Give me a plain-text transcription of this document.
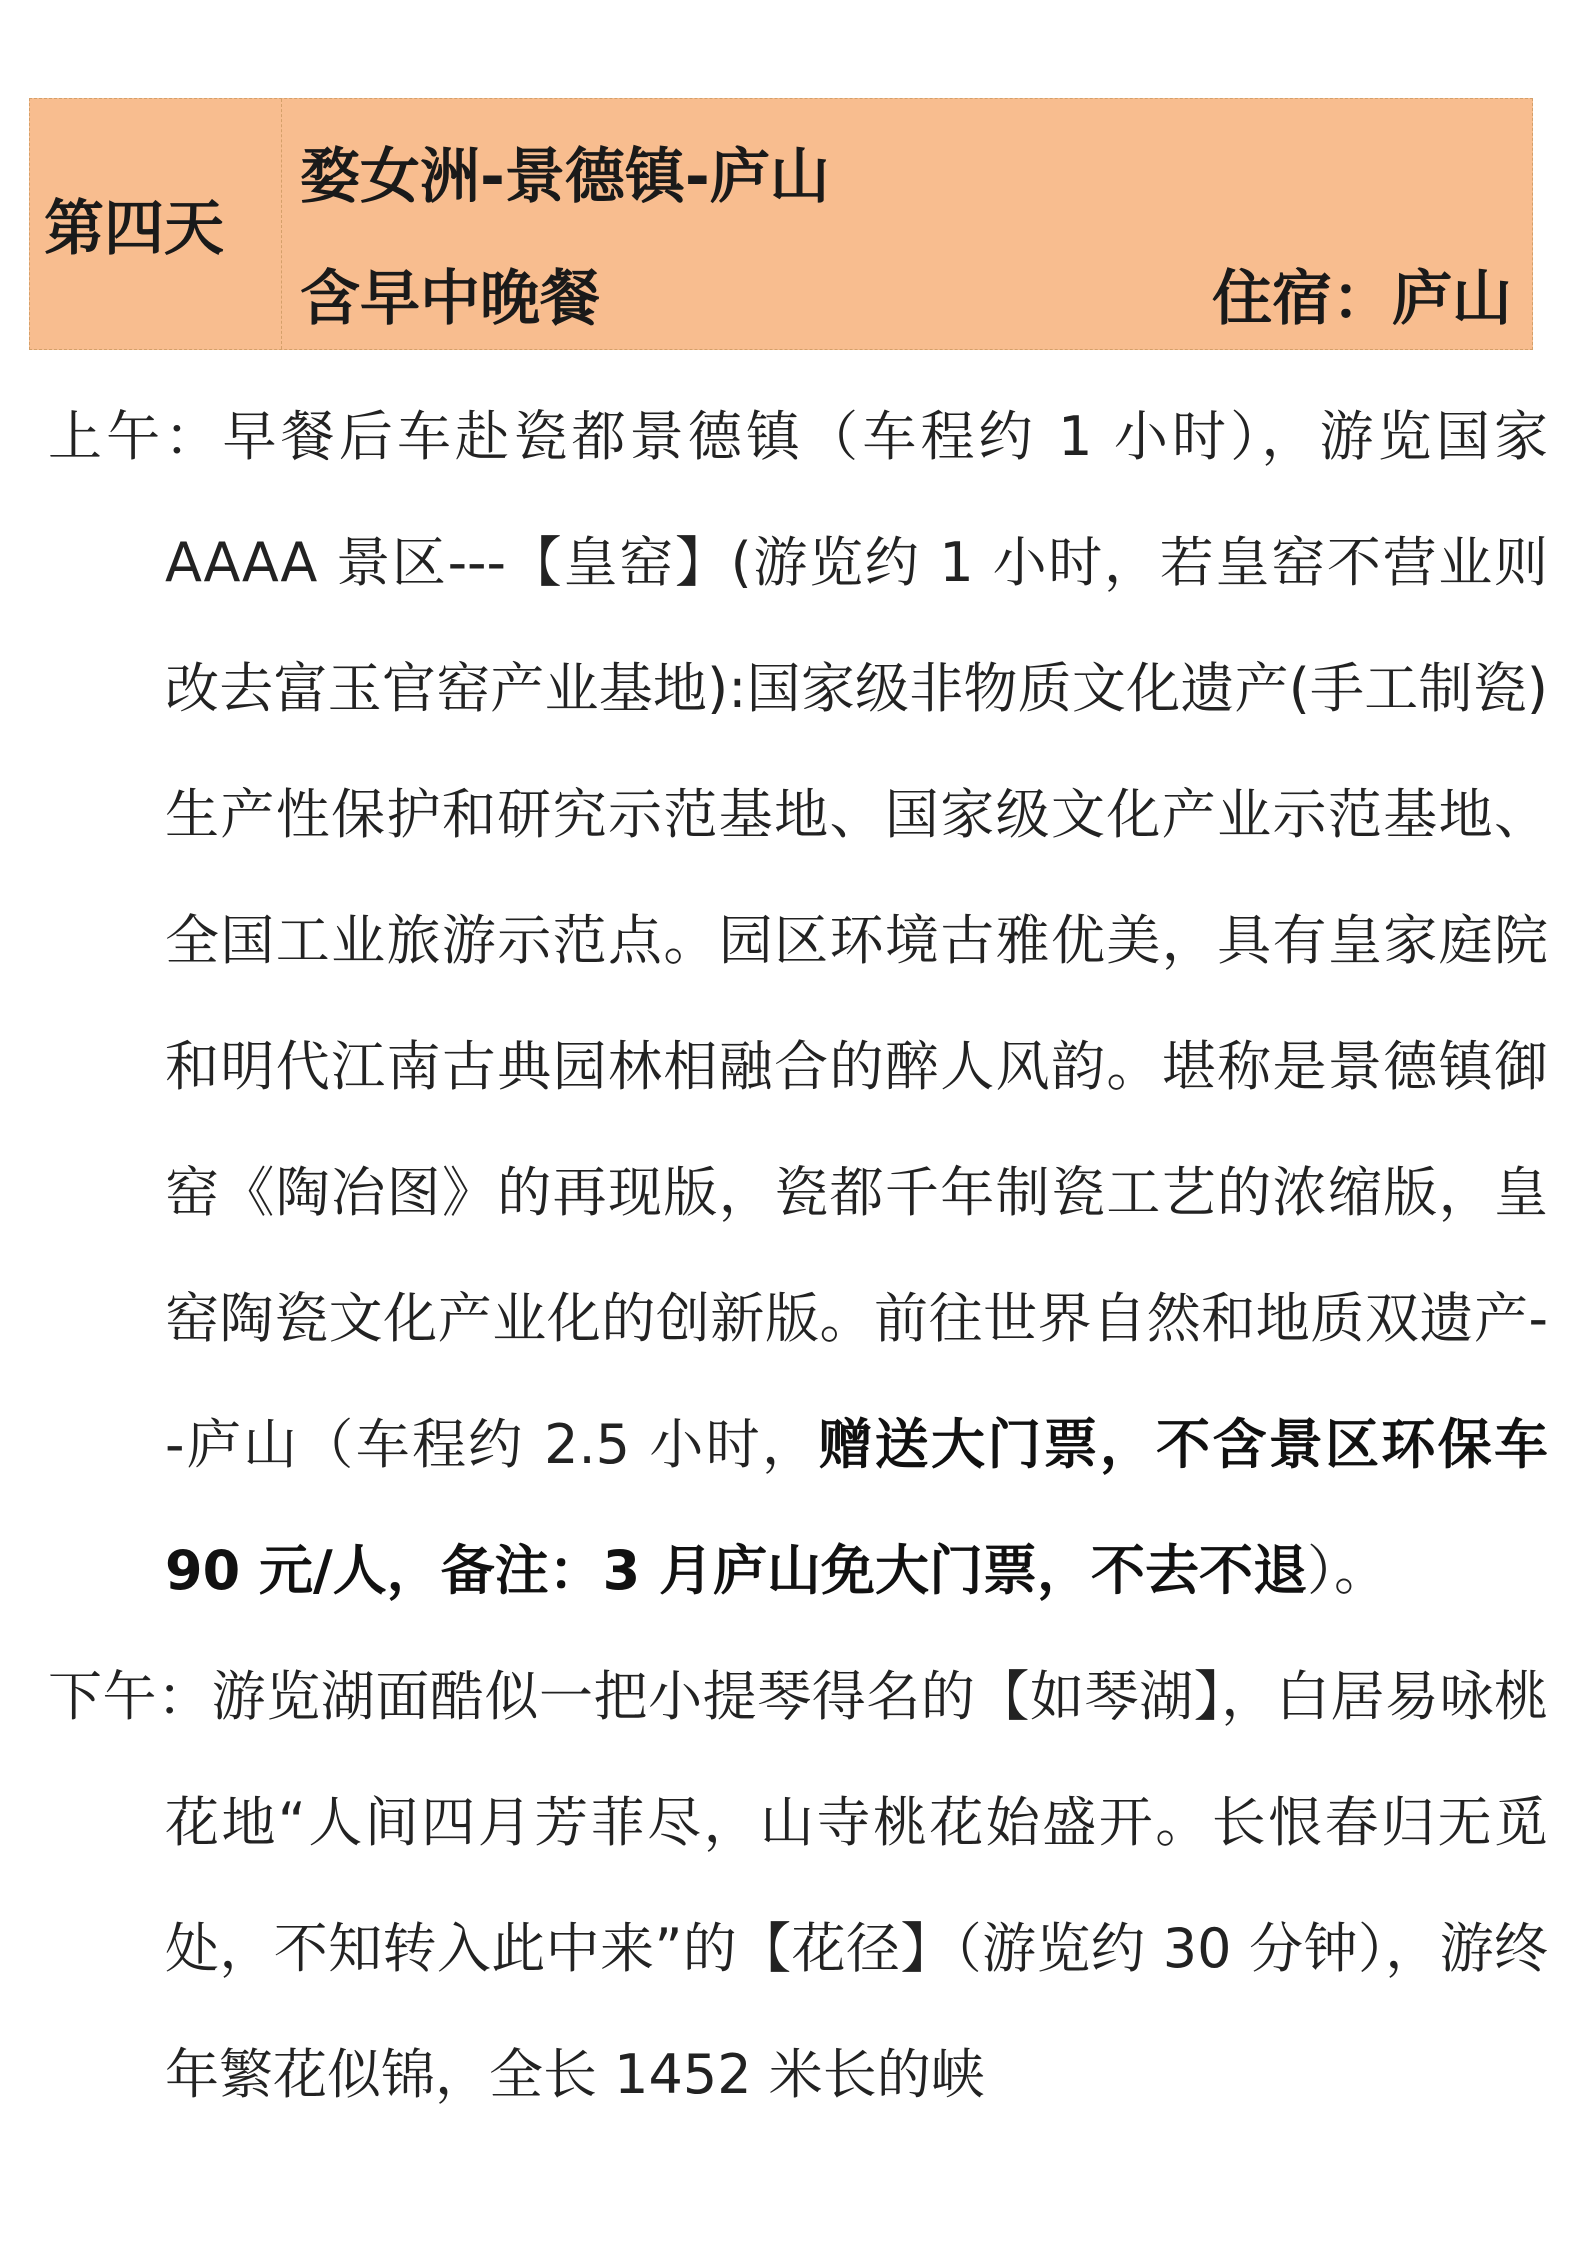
第四天
婺女洲-景德镇-庐山
含早中晚餐	住宿：庐山

上午：早餐后车赴瓷都景德镇（车程约 1 小时），游览国家 AAAA 景区---【皇窑】(游览约 1 小时，若皇窑不营业则改去富玉官窑产业基地):国家级非物质文化遗产(手工制瓷)生产性保护和研究示范基地、国家级文化产业示范基地、全国工业旅游示范点。园区环境古雅优美，具有皇家庭院和明代江南古典园林相融合的醉人风韵。堪称是景德镇御窑《陶冶图》的再现版，瓷都千年制瓷工艺的浓缩版，皇窑陶瓷文化产业化的创新版。前往世界自然和地质双遗产--庐山（车程约 2.5 小时，赠送大门票，不含景区环保车 90 元/人，备注：3 月庐山免大门票，不去不退）。

下午：游览湖面酷似一把小提琴得名的【如琴湖】，白居易咏桃花地“人间四月芳菲尽，山寺桃花始盛开。长恨春归无觅处，不知转入此中来”的【花径】（游览约 30 分钟），游终年繁花似锦，全长 1452 米长的峡
